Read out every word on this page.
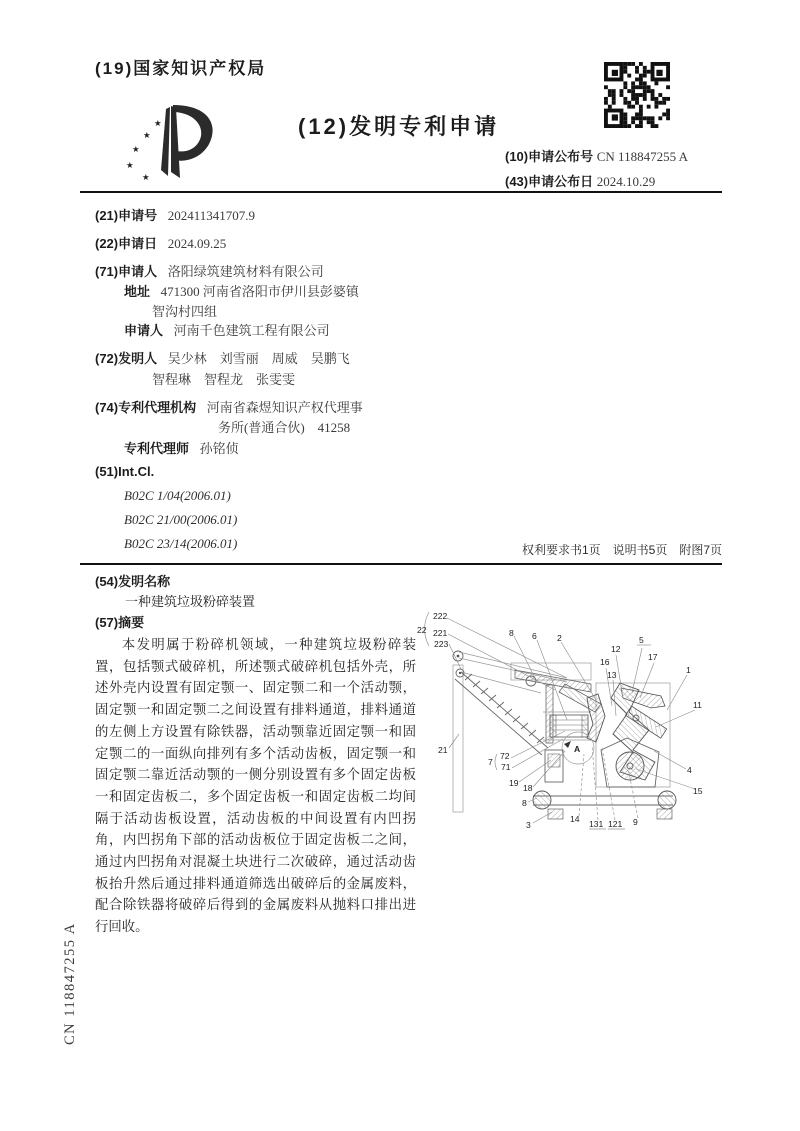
(19)国家知识产权局
★
★
★
★
★
(12)发明专利申请
(10)申请公布号 CN 118847255 A
(43)申请公布日 2024.10.29
(21)申请号 202411341707.9
(22)申请日 2024.09.25
(71)申请人 洛阳绿筑建筑材料有限公司
地址 471300 河南省洛阳市伊川县彭婆镇
智沟村四组
申请人 河南千色建筑工程有限公司
(72)发明人 吴少林　刘雪丽　周威　吴鹏飞
智程琳　智程龙　张雯雯
(74)专利代理机构 河南省森煜知识产权代理事
务所(普通合伙)　41258
专利代理师 孙铭侦
(51)Int.Cl.
B02C 1/04(2006.01)
B02C 21/00(2006.01)
B02C 23/14(2006.01)	权利要求书1页　说明书5页　附图7页
(54)发明名称
一种建筑垃圾粉碎装置
(57)摘要
本发明属于粉碎机领域，一种建筑垃圾粉碎装置，包括颚式破碎机，所述颚式破碎机包括外壳，所述外壳内设置有固定颚一、固定颚二和一个活动颚，固定颚一和固定颚二之间设置有排料通道，排料通道的左侧上方设置有除铁器，活动颚靠近固定颚一和固定颚二的一面纵向排列有多个活动齿板，固定颚一和固定颚二靠近活动颚的一侧分别设置有多个固定齿板一和固定齿板二，多个固定齿板一和固定齿板二均间隔于活动齿板设置，活动齿板的中间设置有内凹拐角，内凹拐角下部的活动齿板位于固定齿板二之间，通过内凹拐角对混凝土块进行二次破碎，通过活动齿板抬升然后通过排料通道筛选出破碎后的金属废料，配合除铁器将破碎后得到的金属废料从抛料口排出进行回收。
CN 118847255 A
A
222
22 221
223
8 6 2
16
12
13
5
17
1
11
21
7
72
71
19 18
8
3
14 131 121 9
4
15
